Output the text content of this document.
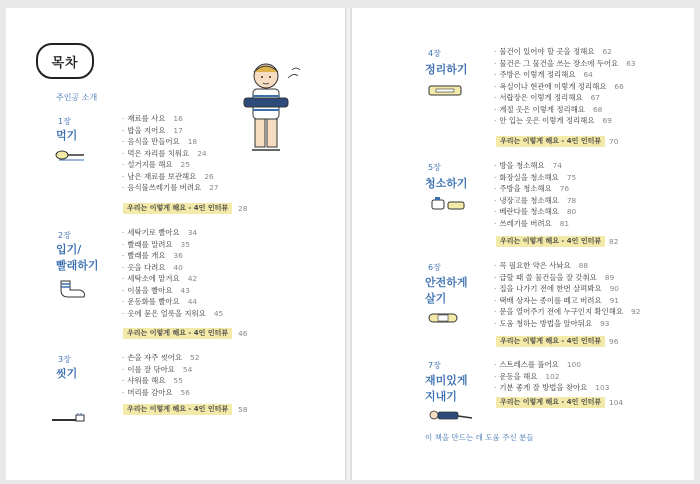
목차
주인공 소개
1장
먹기
· 재료를 사요 16
· 밥을 지어요 17
· 음식을 만들어요 18
· 먹은 자리를 치워요 24
· 설거지를 해요 25
· 남은 재료를 보관해요 26
· 음식물쓰레기를 버려요 27
우리는 이렇게 해요 - 4인 인터뷰	28
2장
입기/
빨래하기
· 세탁기로 빨아요 34
· 빨래를 말려요 35
· 빨래를 개요 36
· 옷을 다려요 40
· 세탁소에 맡겨요 42
· 이불을 빨아요 43
· 운동화를 빨아요 44
· 옷에 묻은 얼룩을 지워요 45
우리는 이렇게 해요 - 4인 인터뷰	46
3장
씻기
· 손을 자주 씻어요 52
· 이를 잘 닦아요 54
· 샤워를 해요 55
· 머리를 감아요 56
우리는 이렇게 해요 - 4인 인터뷰	58
4장
정리하기
· 물건이 있어야 할 곳을 정해요 62
· 물건은 그 물건을 쓰는 장소에 두어요 63
· 주방은 이렇게 정리해요 64
· 욕실이나 현관에 이렇게 정리해요 66
· 서랍장은 이렇게 정리해요 67
· 계절 옷은 이렇게 정리해요 68
· 안 입는 옷은 이렇게 정리해요 69
우리는 이렇게 해요 - 4인 인터뷰	70
5장
청소하기
· 방을 청소해요 74
· 화장실을 청소해요 75
· 주방을 청소해요 76
· 냉장고를 청소해요 78
· 베란다를 청소해요 80
· 쓰레기를 버려요 81
우리는 이렇게 해요 - 4인 인터뷰	82
6장
안전하게
살기
· 꼭 필요한 약은 사놔요 88
· 급할 때 쓸 물건들을 잘 갖춰요 89
· 집을 나가기 전에 한번 살펴봐요 90
· 택배 상자는 종이를 떼고 버려요 91
· 문을 열어주기 전에 누구인지 확인해요 92
· 도움 청하는 방법을 알아둬요 93
우리는 이렇게 해요 - 4인 인터뷰	96
7장
재미있게
지내기
· 스트레스를 풀어요 100
· 운동을 해요 102
· 기분 좋게 잘 방법을 찾아요 103
우리는 이렇게 해요 - 4인 인터뷰	104
이 책을 만드는 데 도움 주신 분들
